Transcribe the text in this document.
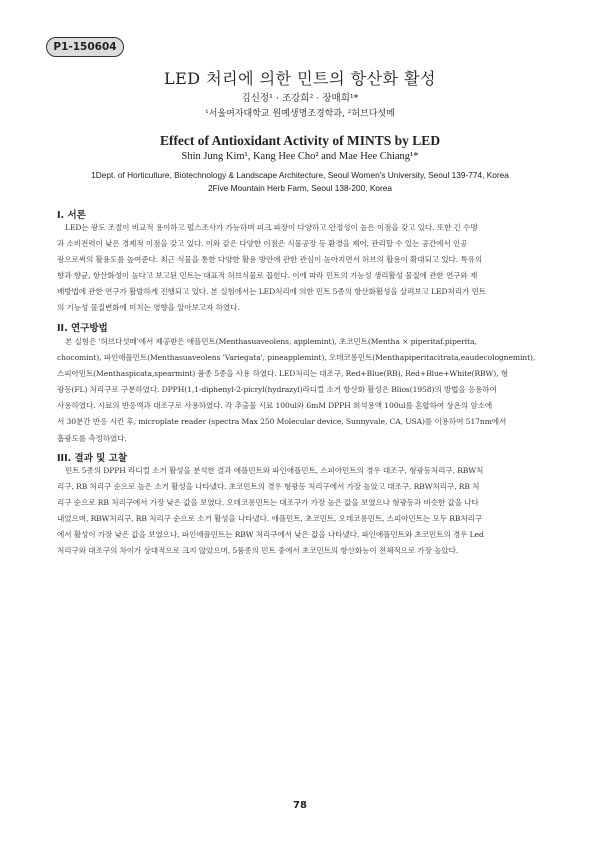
P1-150604
LED 처리에 의한 민트의 항산화 활성
김신정¹ · 조강희² · 장매희¹*
¹서울여자대학교 원예생명조경학과, ²허브다섯메
Effect of Antioxidant Activity of MINTS by LED
Shin Jung Kim¹, Kang Hee Cho² and Mae Hee Chiang¹*
1Dept. of Horticulture, Biotechnology & Landscape Architecture, Seoul Women's University, Seoul 139-774, Korea
2Five Mountain Herb Farm, Seoul 138-200, Korea
I. 서론
LED는 광도 조절이 비교적 용이하고 펄스조사가 가능하며 피크 파장이 다양하고 안정성이 높은 이점을 갖고 있다. 또한 긴 수명
과 소비전력이 낮은 경제적 이점을 갖고 있다. 이와 같은 다양한 이점은 식물공장 등 환경을 제어, 관리할 수 있는 공간에서 인공
광으로써의 활용도를 높여준다. 최근 식물을 통한 다양한 활용 방안에 관한 관심이 높아지면서 허브의 활용이 확대되고 있다. 특유의
향과 향균, 항산화성이 높다고 보고된 민트는 대표적 허브식물로 꼽힌다. 이에 따라 민트의 기능성 생리활성 물질에 관한 연구와 재
배방법에 관한 연구가 활발하게 진행되고 있다. 본 실험에서는 LED처리에 의한 민트 5종의 항산화활성을 살펴보고 LED처리가 민트
의 기능성 물질변화에 미치는 영향을 알아보고자 하였다.
II. 연구방법
본 실험은 '허브다섯메'에서 제공받은 애플민트(Menthasuaveolens, applemint), 초코민트(Mentha × piperitaf.piperita,
chocomint), 파인애플민트(Menthasuaveolens 'Variegata', pineapplemint), 오데코롱민트(Menthapiperitacitrata,eaudecolognemint),
스피아민트(Menthaspicata,spearmint) 품종 5종을 사용 하였다. LED처리는 대조구, Red+Blue(RB), Red+Blue+White(RBW), 형
광등(FL) 처리구로 구분하였다. DPPH(1,1-diphenyl-2-picryl(hydrazyl)라디컬 소거 항산화 활성은 Blios(1958)의 방법을 응용하여
사용하였다. 시료의 반응액과 대조구로 사용하였다. 각 추출물 시료 100ul와 6mM DPPH 희석용액 100ul를 혼합하여 상온의 암소에
서 30분간 반응 시킨 후, microplate reader (spectra Max 250 Molecular device, Sunnyvale, CA, USA)를 이용하여 517nm에서
흡광도를 측정하였다.
III. 결과 및 고찰
민트 5종의 DPPH 라디컬 소거 활성을 분석한 결과 애플민트와 파인애플민트, 스피아민트의 경우 대조구, 형광등처리구, RBW처
리구, RB 처리구 순으로 높은 소거 활성을 나타냈다. 초코민트의 경우 형광등 처리구에서 가장 높았고 대조구, RBW처리구, RB 처
리구 순으로 RB 처리구에서 가장 낮은 값을 보였다. 오데코롱민트는 대조구가 가장 높은 값을 보였으나 형광등과 비슷한 값을 나타
내었으며, RBW처리구, RB 처리구 순으로 소거 활성을 나타냈다. 애플민트, 초코민트, 오데코롱민트, 스피아민트는 모두 RB처리구
에서 활성이 가장 낮은 값을 보였으나, 파인애플민트는 RBW 처리구에서 낮은 값을 나타냈다. 파인애플민트와 초코민트의 경우 Led
처리구와 대조구의 차이가 상대적으로 크지 않았으며, 5품종의 민트 중에서 초코민트의 항산화능이 전체적으로 가장 높았다.
78
